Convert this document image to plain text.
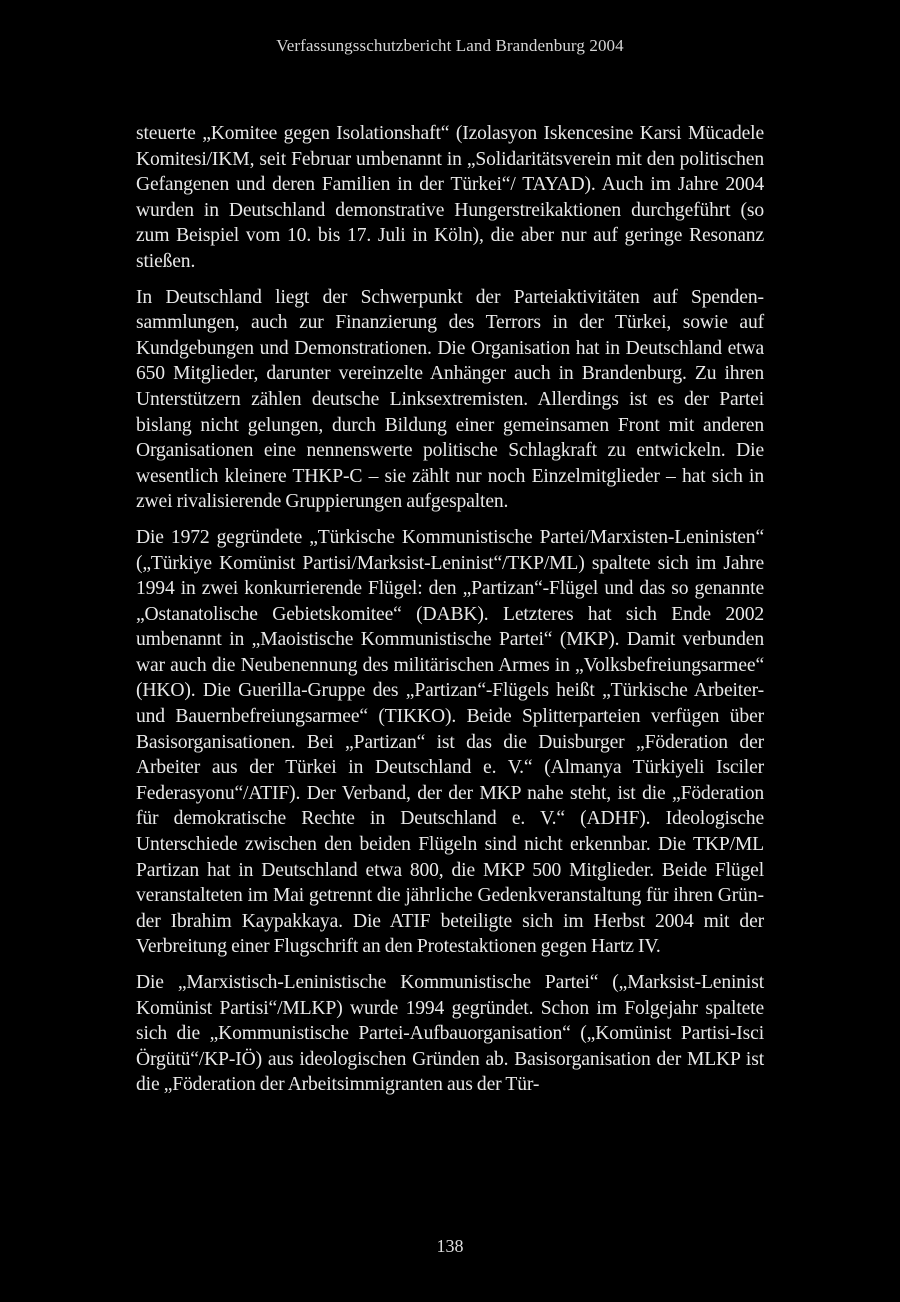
Verfassungsschutzbericht Land Brandenburg 2004

steuerte „Komitee gegen Isolationshaft“ (Izolasyon Iskencesine Karsi Mücadele Komitesi/IKM, seit Februar umbenannt in „Solidaritätsverein mit den politischen Gefangenen und deren Familien in der Türkei“/ TAYAD). Auch im Jahre 2004 wurden in Deutschland demonstrative Hungerstreikaktionen durchgeführt (so zum Beispiel vom 10. bis 17. Juli in Köln), die aber nur auf geringe Resonanz stießen.

In Deutschland liegt der Schwerpunkt der Parteiaktivitäten auf Spendensammlungen, auch zur Finanzierung des Terrors in der Türkei, sowie auf Kundgebungen und Demonstrationen. Die Organisation hat in Deutschland etwa 650 Mitglieder, darunter vereinzelte Anhänger auch in Brandenburg. Zu ihren Unterstützern zählen deutsche Linksextremisten. Allerdings ist es der Partei bislang nicht gelungen, durch Bildung einer gemeinsamen Front mit anderen Organisationen eine nennenswerte politische Schlagkraft zu entwickeln. Die wesentlich kleinere THKP-C – sie zählt nur noch Einzelmitglieder – hat sich in zwei rivalisierende Gruppierungen aufgespalten.

Die 1972 gegründete „Türkische Kommunistische Partei/Marxisten-Leninisten“ („Türkiye Komünist Partisi/Marksist-Leninist“/TKP/ML) spaltete sich im Jahre 1994 in zwei konkurrierende Flügel: den „Partizan“-Flügel und das so genannte „Ostanatolische Gebietskomitee“ (DABK). Letzteres hat sich Ende 2002 umbenannt in „Maoistische Kommunistische Partei“ (MKP). Damit verbunden war auch die Neubenennung des militärischen Armes in „Volksbefreiungsarmee“ (HKO). Die Guerilla-Gruppe des „Partizan“-Flügels heißt „Türkische Arbeiter- und Bauernbefreiungsarmee“ (TIKKO). Beide Splitterparteien verfügen über Basisorganisationen. Bei „Partizan“ ist das die Duisburger „Föderation der Arbeiter aus der Türkei in Deutschland e. V.“ (Almanya Türkiyeli Isciler Federasyonu“/ATIF). Der Verband, der der MKP nahe steht, ist die „Föderation für demokratische Rechte in Deutschland e. V.“ (ADHF). Ideologische Unterschiede zwischen den beiden Flügeln sind nicht erkennbar. Die TKP/ML Partizan hat in Deutschland etwa 800, die MKP 500 Mitglieder. Beide Flügel veranstalteten im Mai getrennt die jährliche Gedenkveranstaltung für ihren Gründer Ibrahim Kaypakkaya. Die ATIF beteiligte sich im Herbst 2004 mit der Verbreitung einer Flugschrift an den Protestaktionen gegen Hartz IV.

Die „Marxistisch-Leninistische Kommunistische Partei“ („Marksist-Leninist Komünist Partisi“/MLKP) wurde 1994 gegründet. Schon im Folgejahr spaltete sich die „Kommunistische Partei-Aufbauorganisation“ („Komünist Partisi-Isci Örgütü“/KP-IÖ) aus ideologischen Gründen ab. Basisorganisation der MLKP ist die „Föderation der Arbeitsimmigranten aus der Tür-

138
